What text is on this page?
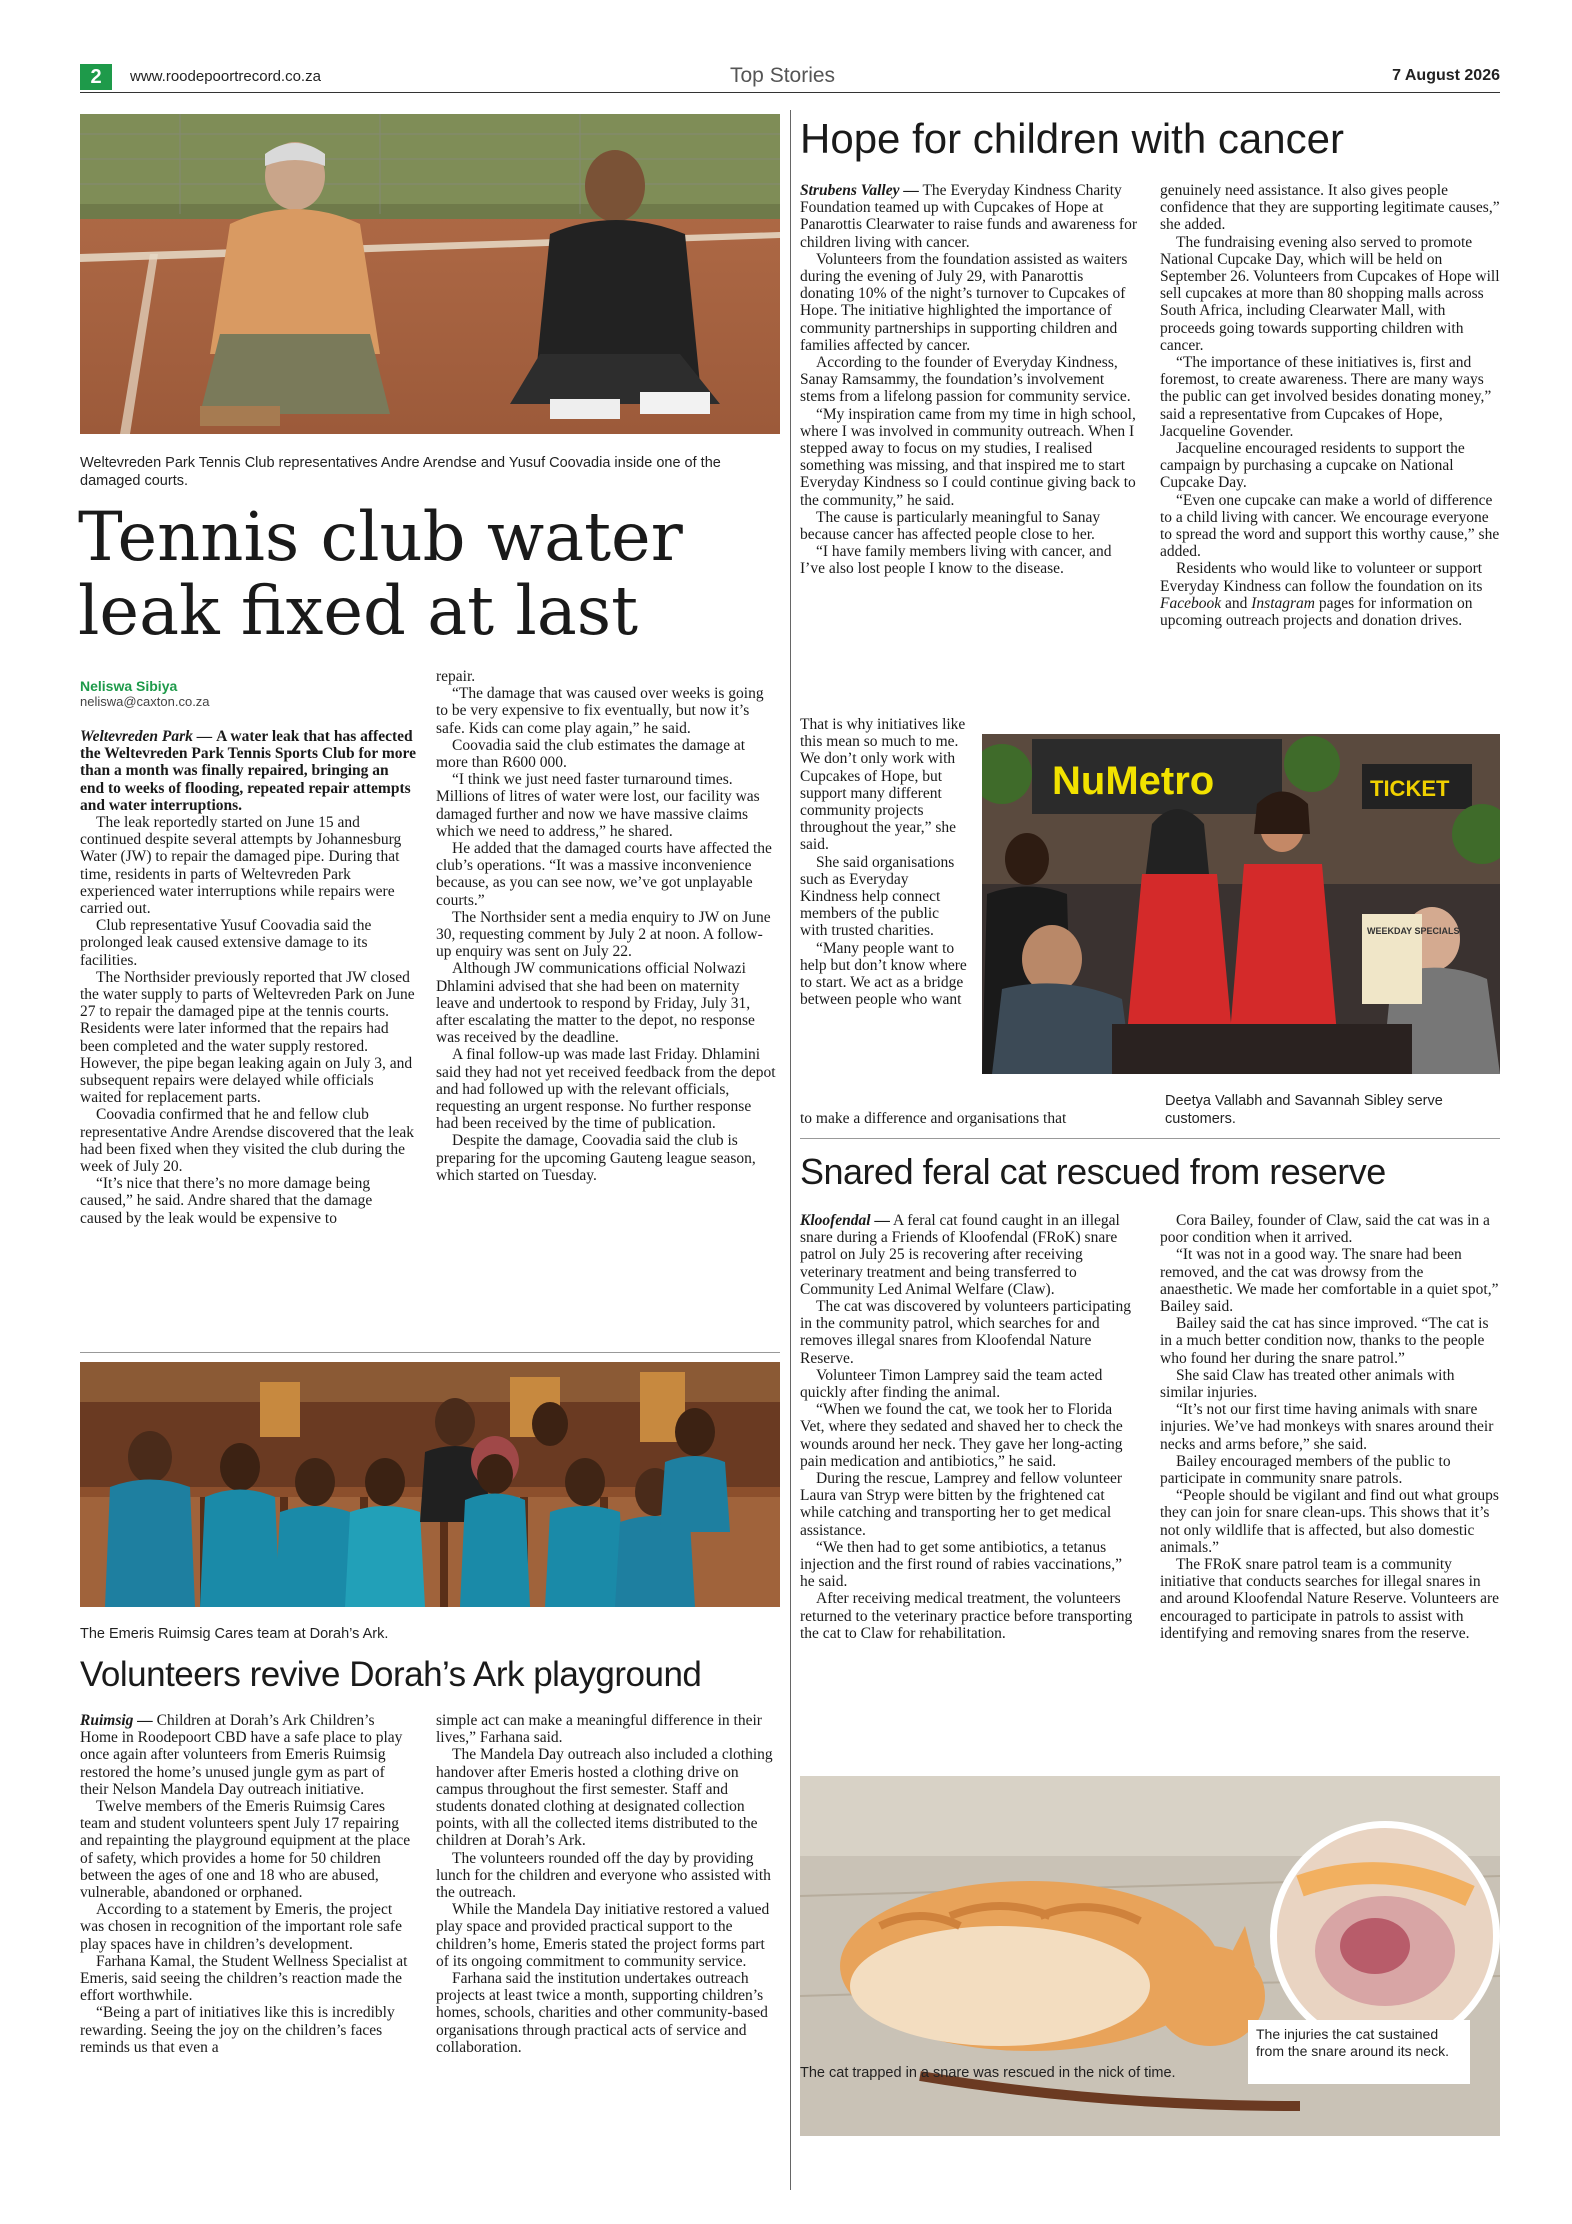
2	www.roodepoortrecord.co.za	Top Stories	7 August 2026
Weltevreden Park Tennis Club representatives Andre Arendse and Yusuf Coovadia inside one of the damaged courts.
Tennis club water
leak fixed at last
Neliswa Sibiya
neliswa@caxton.co.za

Weltevreden Park — A water leak that has affected the Weltevreden Park Tennis Sports Club for more than a month was finally repaired, bringing an end to weeks of flooding, repeated repair attempts and water interruptions.

The leak reportedly started on June 15 and continued despite several attempts by Johannesburg Water (JW) to repair the damaged pipe. During that time, residents in parts of Weltevreden Park experienced water interruptions while repairs were carried out.

Club representative Yusuf Coovadia said the prolonged leak caused extensive damage to its facilities.

The Northsider previously reported that JW closed the water supply to parts of Weltevreden Park on June 27 to repair the damaged pipe at the tennis courts. Residents were later informed that the repairs had been completed and the water supply restored. However, the pipe began leaking again on July 3, and subsequent repairs were delayed while officials waited for replacement parts.

Coovadia confirmed that he and fellow club representative Andre Arendse discovered that the leak had been fixed when they visited the club during the week of July 20.

“It’s nice that there’s no more damage being caused,” he said. Andre shared that the damage caused by the leak would be expensive to

repair.

“The damage that was caused over weeks is going to be very expensive to fix eventually, but now it’s safe. Kids can come play again,” he said.

Coovadia said the club estimates the damage at more than R600 000.

“I think we just need faster turnaround times. Millions of litres of water were lost, our facility was damaged further and now we have massive claims which we need to address,” he shared.

He added that the damaged courts have affected the club’s operations. “It was a massive inconvenience because, as you can see now, we’ve got unplayable courts.”

The Northsider sent a media enquiry to JW on June 30, requesting comment by July 2 at noon. A follow-up enquiry was sent on July 22.

Although JW communications official Nolwazi Dhlamini advised that she had been on maternity leave and undertook to respond by Friday, July 31, after escalating the matter to the depot, no response was received by the deadline.

A final follow-up was made last Friday. Dhlamini said they had not yet received feedback from the depot and had followed up with the relevant officials, requesting an urgent response. No further response had been received by the time of publication.

Despite the damage, Coovadia said the club is preparing for the upcoming Gauteng league season, which started on Tuesday.

The Emeris Ruimsig Cares team at Dorah’s Ark.
Volunteers revive Dorah’s Ark playground

Ruimsig — Children at Dorah’s Ark Children’s Home in Roodepoort CBD have a safe place to play once again after volunteers from Emeris Ruimsig restored the home’s unused jungle gym as part of their Nelson Mandela Day outreach initiative.

Twelve members of the Emeris Ruimsig Cares team and student volunteers spent July 17 repairing and repainting the playground equipment at the place of safety, which provides a home for 50 children between the ages of one and 18 who are abused, vulnerable, abandoned or orphaned.

According to a statement by Emeris, the project was chosen in recognition of the important role safe play spaces have in children’s development.

Farhana Kamal, the Student Wellness Specialist at Emeris, said seeing the children’s reaction made the effort worthwhile.

“Being a part of initiatives like this is incredibly rewarding. Seeing the joy on the children’s faces reminds us that even a

simple act can make a meaningful difference in their lives,” Farhana said.

The Mandela Day outreach also included a clothing handover after Emeris hosted a clothing drive on campus throughout the first semester. Staff and students donated clothing at designated collection points, with all the collected items distributed to the children at Dorah’s Ark.

The volunteers rounded off the day by providing lunch for the children and everyone who assisted with the outreach.

While the Mandela Day initiative restored a valued play space and provided practical support to the children’s home, Emeris stated the project forms part of its ongoing commitment to community service.

Farhana said the institution undertakes outreach projects at least twice a month, supporting children’s homes, schools, charities and other community-based organisations through practical acts of service and collaboration.

Hope for children with cancer

Strubens Valley — The Everyday Kindness Charity Foundation teamed up with Cupcakes of Hope at Panarottis Clearwater to raise funds and awareness for children living with cancer.

Volunteers from the foundation assisted as waiters during the evening of July 29, with Panarottis donating 10% of the night’s turnover to Cupcakes of Hope. The initiative highlighted the importance of community partnerships in supporting children and families affected by cancer.

According to the founder of Everyday Kindness, Sanay Ramsammy, the foundation’s involvement stems from a lifelong passion for community service.

“My inspiration came from my time in high school, where I was involved in community outreach. When I stepped away to focus on my studies, I realised something was missing, and that inspired me to start Everyday Kindness so I could continue giving back to the community,” he said.

The cause is particularly meaningful to Sanay because cancer has affected people close to her.

“I have family members living with cancer, and I’ve also lost people I know to the disease.

That is why initiatives like this mean so much to me. We don’t only work with Cupcakes of Hope, but support many different community projects throughout the year,” she said.

She said organisations such as Everyday Kindness help connect members of the public with trusted charities.

“Many people want to help but don’t know where to start. We act as a bridge between people who want

to make a difference and organisations that

genuinely need assistance. It also gives people confidence that they are supporting legitimate causes,” she added.

The fundraising evening also served to promote National Cupcake Day, which will be held on September 26. Volunteers from Cupcakes of Hope will sell cupcakes at more than 80 shopping malls across South Africa, including Clearwater Mall, with proceeds going towards supporting children with cancer.

“The importance of these initiatives is, first and foremost, to create awareness. There are many ways the public can get involved besides donating money,” said a representative from Cupcakes of Hope, Jacqueline Govender.

Jacqueline encouraged residents to support the campaign by purchasing a cupcake on National Cupcake Day.

“Even one cupcake can make a world of difference to a child living with cancer. We encourage everyone to spread the word and support this worthy cause,” she added.

Residents who would like to volunteer or support Everyday Kindness can follow the foundation on its Facebook and Instagram pages for information on upcoming outreach projects and donation drives.

NuMetro	TICKET
WEEKDAY SPECIALS
Deetya Vallabh and Savannah Sibley serve customers.
Snared feral cat rescued from reserve

Kloofendal — A feral cat found caught in an illegal snare during a Friends of Kloofendal (FRoK) snare patrol on July 25 is recovering after receiving veterinary treatment and being transferred to Community Led Animal Welfare (Claw).

The cat was discovered by volunteers participating in the community patrol, which searches for and removes illegal snares from Kloofendal Nature Reserve.

Volunteer Timon Lamprey said the team acted quickly after finding the animal.

“When we found the cat, we took her to Florida Vet, where they sedated and shaved her to check the wounds around her neck. They gave her long-acting pain medication and antibiotics,” he said.

During the rescue, Lamprey and fellow volunteer Laura van Stryp were bitten by the frightened cat while catching and transporting her to get medical assistance.

“We then had to get some antibiotics, a tetanus injection and the first round of rabies vaccinations,” he said.

After receiving medical treatment, the volunteers returned to the veterinary practice before transporting the cat to Claw for rehabilitation.

Cora Bailey, founder of Claw, said the cat was in a poor condition when it arrived.

“It was not in a good way. The snare had been removed, and the cat was drowsy from the anaesthetic. We made her comfortable in a quiet spot,” Bailey said.

Bailey said the cat has since improved. “The cat is in a much better condition now, thanks to the people who found her during the snare patrol.”

She said Claw has treated other animals with similar injuries.

“It’s not our first time having animals with snare injuries. We’ve had monkeys with snares around their necks and arms before,” she said.

Bailey encouraged members of the public to participate in community snare patrols.

“People should be vigilant and find out what groups they can join for snare clean-ups. This shows that it’s not only wildlife that is affected, but also domestic animals.”

The FRoK snare patrol team is a community initiative that conducts searches for illegal snares in and around Kloofendal Nature Reserve. Volunteers are encouraged to participate in patrols to assist with identifying and removing snares from the reserve.

The injuries the cat sustained from the snare around its neck.
The cat trapped in a snare was rescued in the nick of time.
